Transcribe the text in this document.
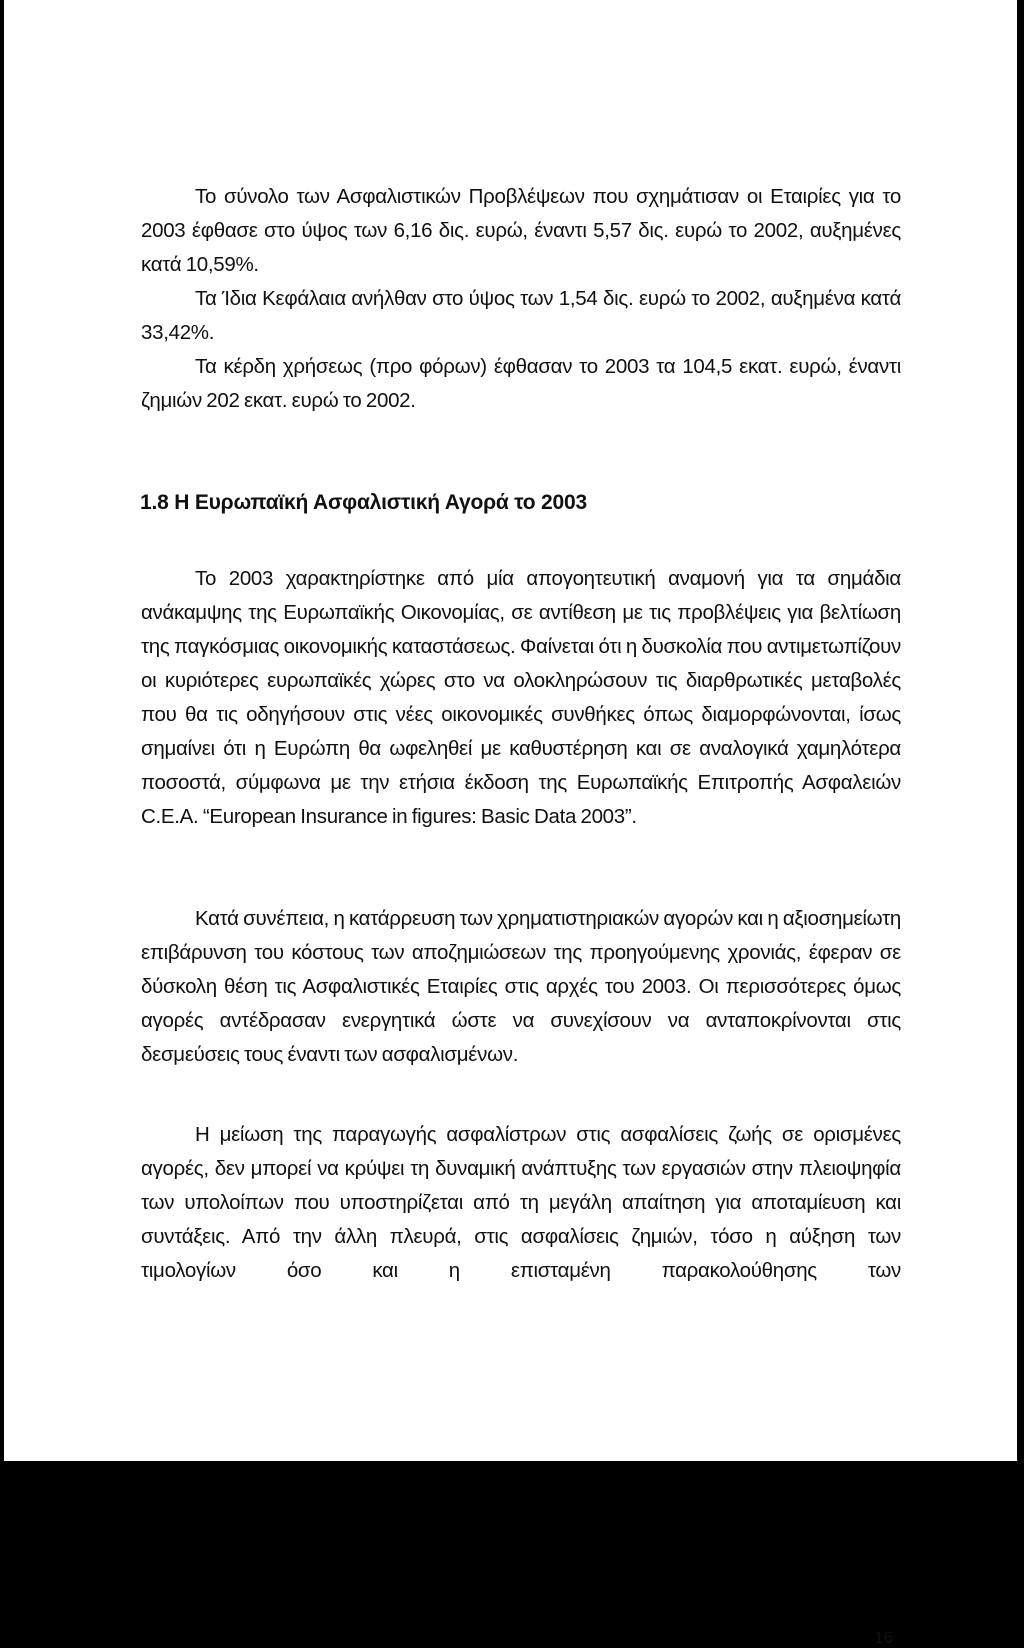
Το σύνολο των Ασφαλιστικών Προβλέψεων που σχημάτισαν οι Εταιρίες για το 2003 έφθασε στο ύψος των 6,16 δις. ευρώ, έναντι 5,57 δις. ευρώ το 2002, αυξημένες κατά 10,59%.

Τα Ίδια Κεφάλαια ανήλθαν στο ύψος των 1,54 δις. ευρώ το 2002, αυξημένα κατά 33,42%.

Τα κέρδη χρήσεως (προ φόρων) έφθασαν το 2003 τα 104,5 εκατ. ευρώ, έναντι ζημιών 202 εκατ. ευρώ το 2002.

1.8 Η Ευρωπαϊκή Ασφαλιστική Αγορά το 2003

Το 2003 χαρακτηρίστηκε από μία απογοητευτική αναμονή για τα σημάδια ανάκαμψης της Ευρωπαϊκής Οικονομίας, σε αντίθεση με τις προβλέψεις για βελτίωση της παγκόσμιας οικονομικής καταστάσεως. Φαίνεται ότι η δυσκολία που αντιμετωπίζουν οι κυριότερες ευρωπαϊκές χώρες στο να ολοκληρώσουν τις διαρθρωτικές μεταβολές που θα τις οδηγήσουν στις νέες οικονομικές συνθήκες όπως διαμορφώνονται, ίσως σημαίνει ότι η Ευρώπη θα ωφεληθεί με καθυστέρηση και σε αναλογικά χαμηλότερα ποσοστά, σύμφωνα με την ετήσια έκδοση της Ευρωπαϊκής Επιτροπής Ασφαλειών C.E.A. “European Insurance in figures: Basic Data 2003”.

Κατά συνέπεια, η κατάρρευση των χρηματιστηριακών αγορών και η αξιοσημείωτη επιβάρυνση του κόστους των αποζημιώσεων της προηγούμενης χρονιάς, έφεραν σε δύσκολη θέση τις Ασφαλιστικές Εταιρίες στις αρχές του 2003. Οι περισσότερες όμως αγορές αντέδρασαν ενεργητικά ώστε να συνεχίσουν να ανταποκρίνονται στις δεσμεύσεις τους έναντι των ασφαλισμένων.

Η μείωση της παραγωγής ασφαλίστρων στις ασφαλίσεις ζωής σε ορισμένες αγορές, δεν μπορεί να κρύψει τη δυναμική ανάπτυξης των εργασιών στην πλειοψηφία των υπολοίπων που υποστηρίζεται από τη μεγάλη απαίτηση για αποταμίευση και συντάξεις. Από την άλλη πλευρά, στις ασφαλίσεις ζημιών, τόσο η αύξηση των τιμολογίων όσο και η επισταμένη παρακολούθησης των

16
